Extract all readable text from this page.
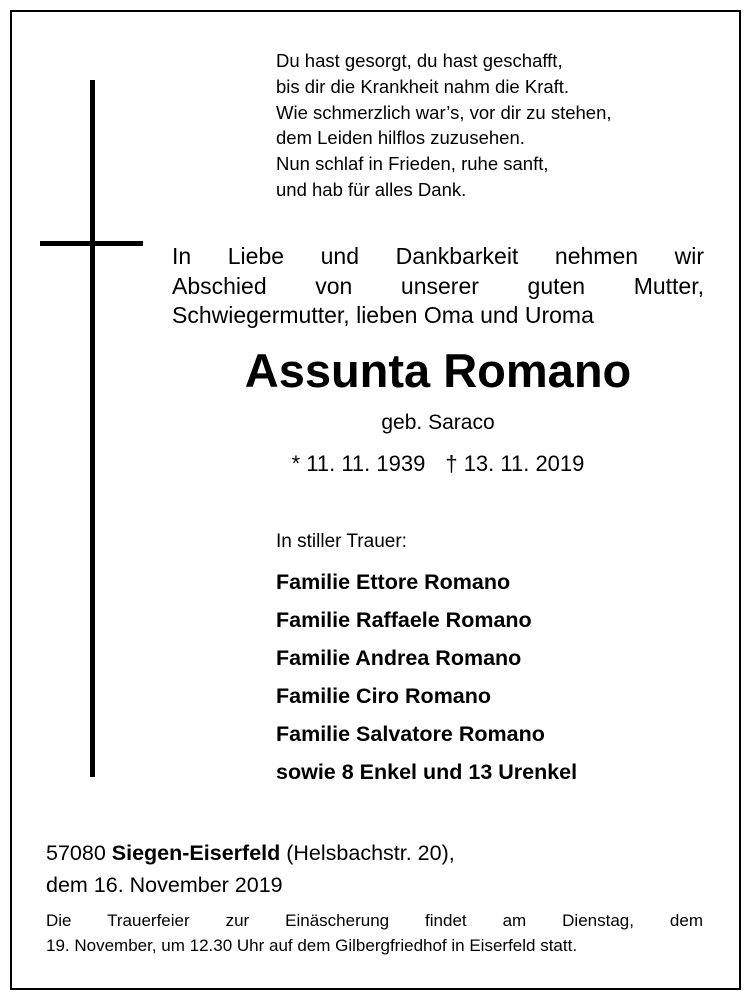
Du hast gesorgt, du hast geschafft,
bis dir die Krankheit nahm die Kraft.
Wie schmerzlich war’s, vor dir zu stehen,
dem Leiden hilflos zuzusehen.
Nun schlaf in Frieden, ruhe sanft,
und hab für alles Dank.
In Liebe und Dankbarkeit nehmen wir
Abschied von unserer guten Mutter,
Schwiegermutter, lieben Oma und Uroma
Assunta Romano
geb. Saraco
* 11. 11. 1939 † 13. 11. 2019
In stiller Trauer:
Familie Ettore Romano
Familie Raffaele Romano
Familie Andrea Romano
Familie Ciro Romano
Familie Salvatore Romano
sowie 8 Enkel und 13 Urenkel
57080 Siegen-Eiserfeld (Helsbachstr. 20),
dem 16. November 2019
Die Trauerfeier zur Einäscherung findet am Dienstag, dem
19. November, um 12.30 Uhr auf dem Gilbergfriedhof in Eiserfeld statt.
